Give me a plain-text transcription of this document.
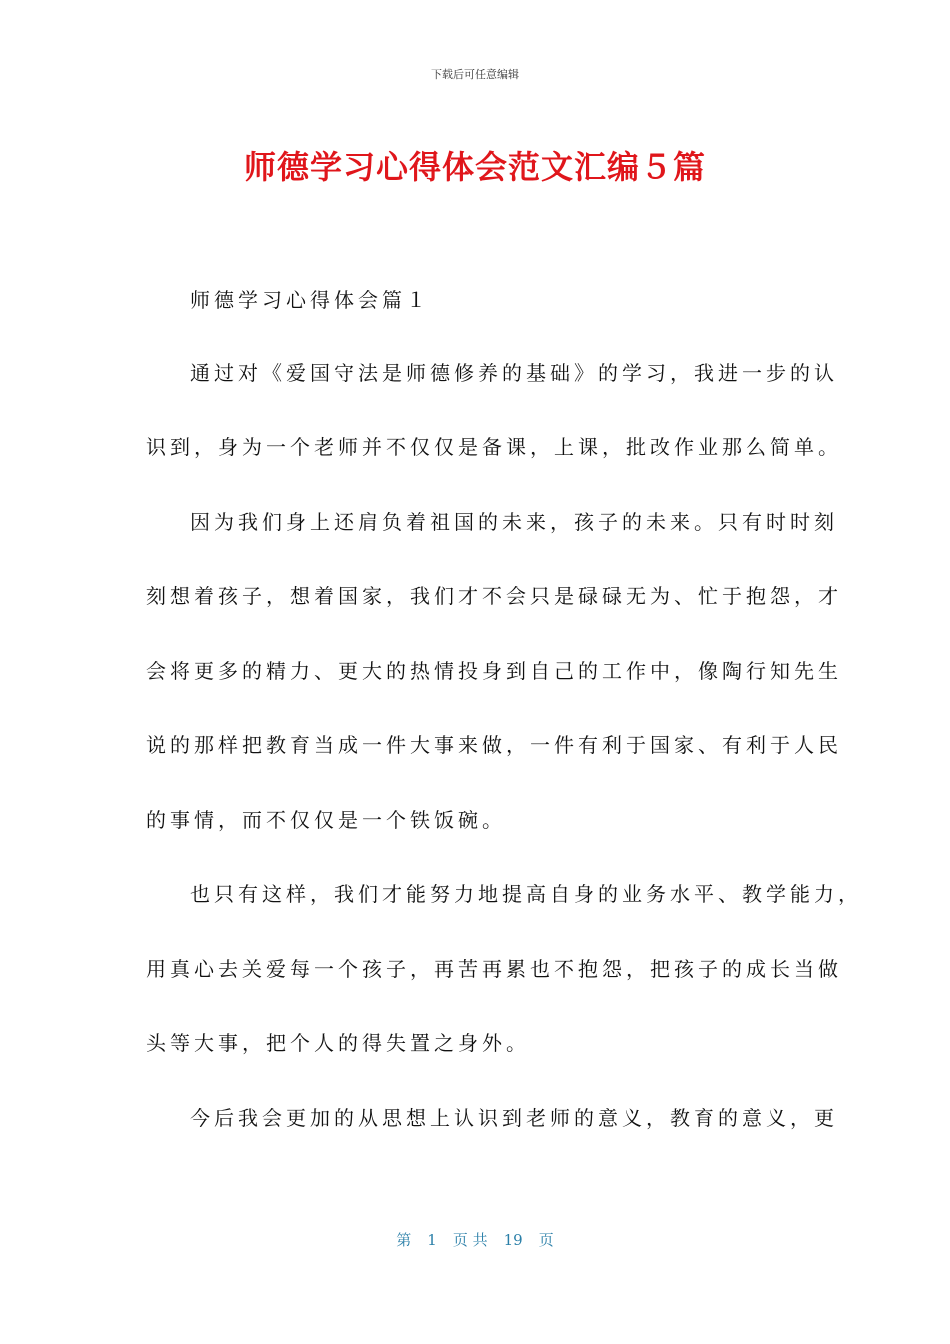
下载后可任意编辑
师德学习心得体会范文汇编５篇
师德学习心得体会篇１
通过对《爱国守法是师德修养的基础》的学习，我进一步的认
识到，身为一个老师并不仅仅是备课，上课，批改作业那么简单。
因为我们身上还肩负着祖国的未来，孩子的未来。只有时时刻
刻想着孩子，想着国家，我们才不会只是碌碌无为、忙于抱怨，才
会将更多的精力、更大的热情投身到自己的工作中，像陶行知先生
说的那样把教育当成一件大事来做，一件有利于国家、有利于人民
的事情，而不仅仅是一个铁饭碗。
也只有这样，我们才能努力地提高自身的业务水平、教学能力，
用真心去关爱每一个孩子，再苦再累也不抱怨，把孩子的成长当做
头等大事，把个人的得失置之身外。
今后我会更加的从思想上认识到老师的意义，教育的意义，更
第 1 页 共 19 页
